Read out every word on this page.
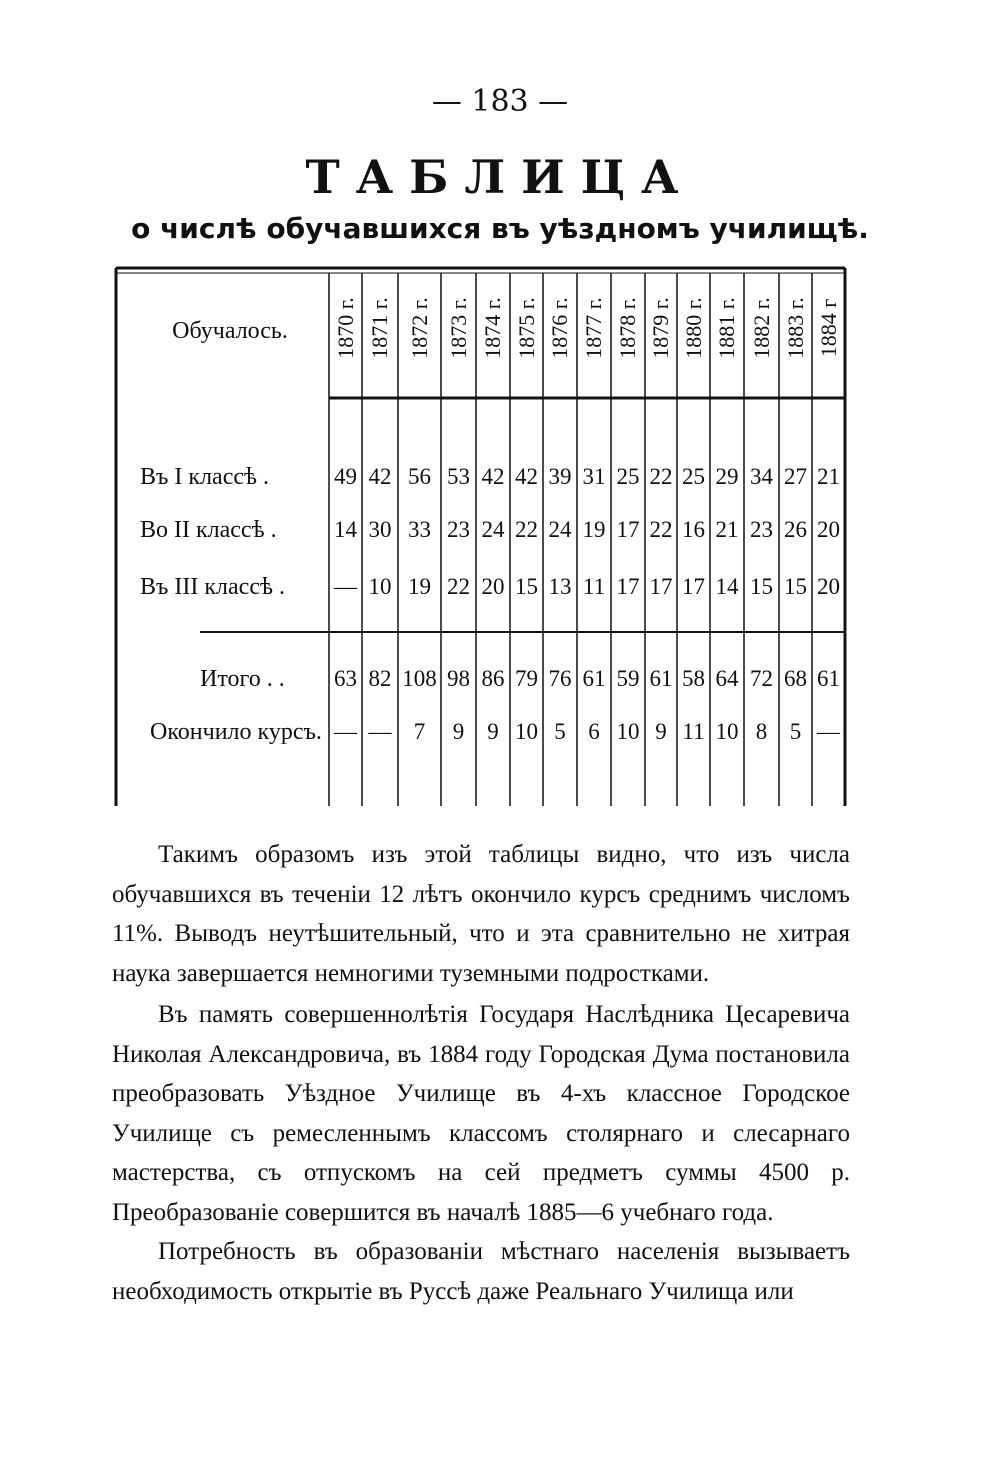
— 183 —
ТАБЛИЦА
о числѣ обучавшихся въ уѣздномъ училищѣ.
Обучалось.	1870 г. 1871 г. 1872 г. 1873 г. 1874 г. 1875 г. 1876 г. 1877 г. 1878 г. 1879 г. 1880 г. 1881 г. 1882 г. 1883 г. 1884 г
Въ I классѣ .	49 42 56 53 42 42 39 31 25 22 25 29 34 27 21
Во II классѣ . 14 30 33 23 24 22 24 19 17 22 16 21 23 26 20
Въ III классѣ . — 10 19 22 20 15 13 11 17 17 17 14 15 15 20
Итого . . 63 82 108 98 86 79 76 61 59 61 58 64 72 68 61
Окончило курсъ. — — 7	9	9 10 5 6 10 9 11 10 8 5 —
Такимъ образомъ изъ этой таблицы видно, что изъ числа обучавшихся въ теченiи 12 лѣтъ окончило курсъ среднимъ числомъ 11%. Выводъ неутѣшительный, что и эта сравнительно не хитрая наука завершается немногими туземными подростками.
Въ память совершеннолѣтiя Государя Наслѣдника Цесаревича Николая Александровича, въ 1884 году Городская Дума постановила преобразовать Уѣздное Училище въ 4-хъ классное Городское Училище съ ремесленнымъ классомъ столярнаго и слесарнаго мастерства, съ отпускомъ на сей предметъ суммы 4500 р. Преобразованiе совершится въ началѣ 1885—6 учебнаго года.
Потребность въ образованiи мѣстнаго населенiя вызываетъ необходимость открытiе въ Руссѣ даже Реальнаго Училища или
